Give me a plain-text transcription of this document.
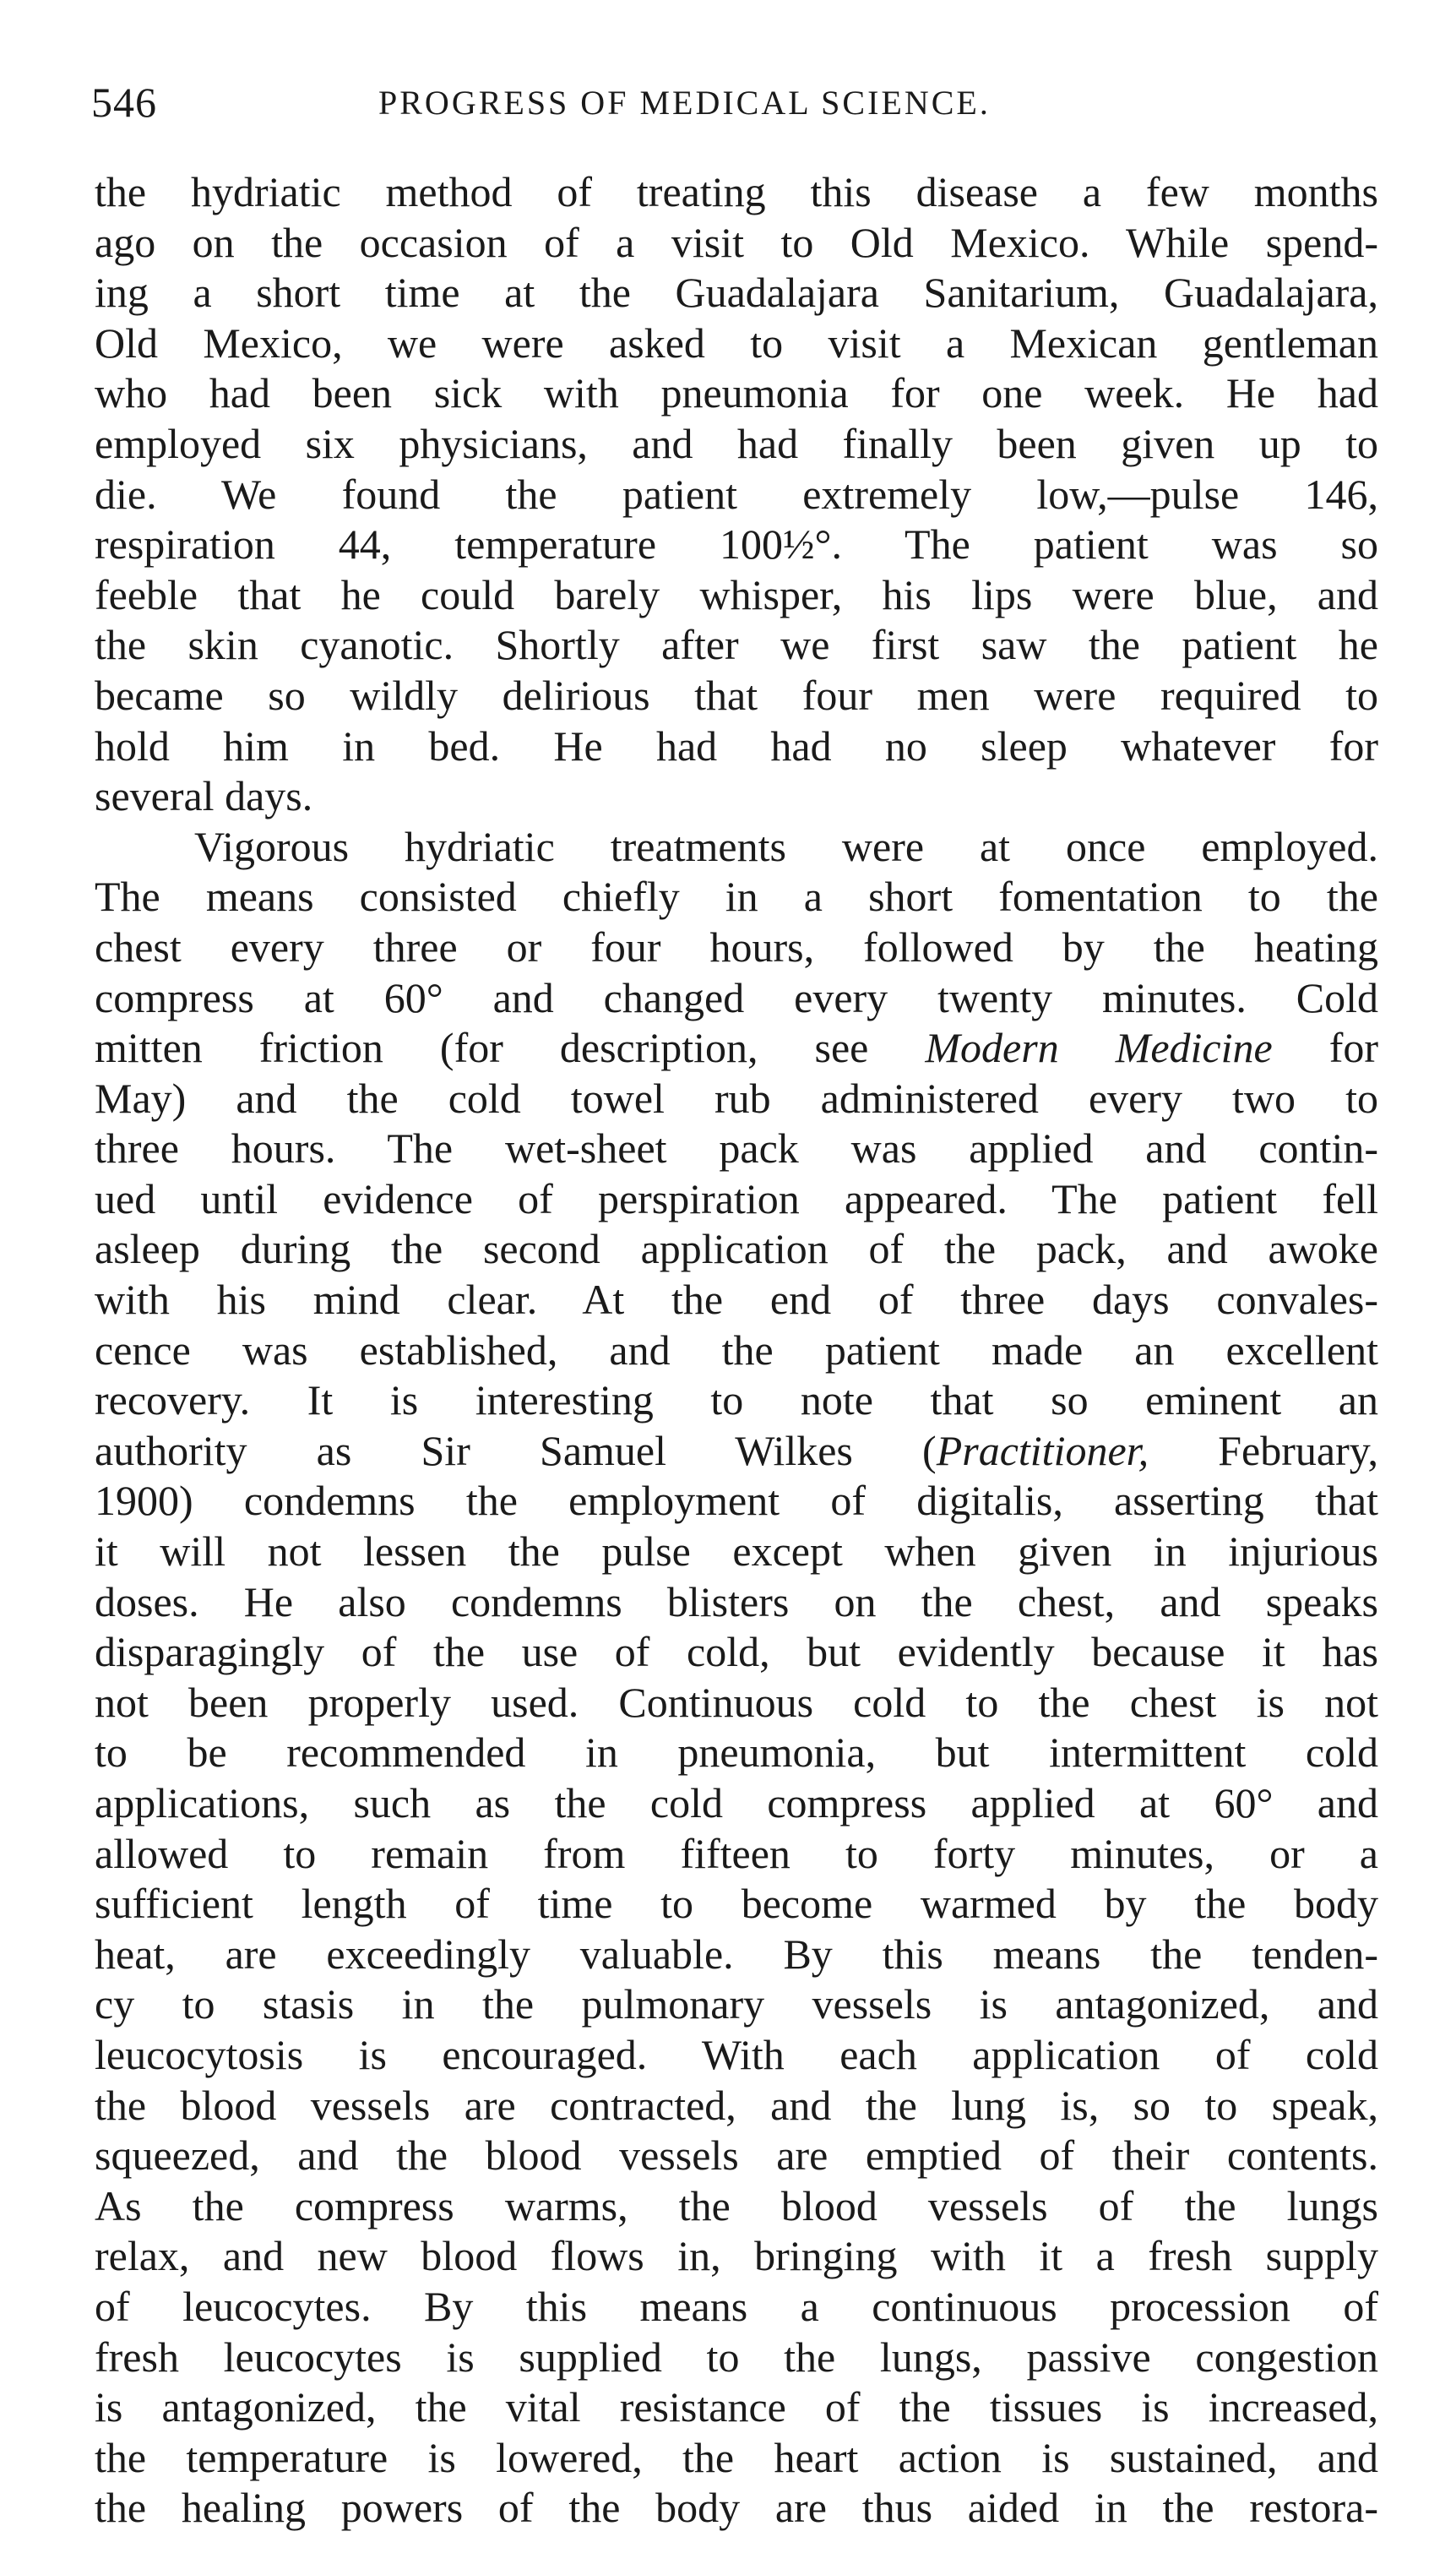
546	PROGRESS OF MEDICAL SCIENCE.
the hydriatic method of treating this disease a few months
ago on the occasion of a visit to Old Mexico. While spend-
ing a short time at the Guadalajara Sanitarium, Guadalajara,
Old Mexico, we were asked to visit a Mexican gentleman
who had been sick with pneumonia for one week. He had
employed six physicians, and had finally been given up to
die. We found the patient extremely low,—pulse 146,
respiration 44, temperature 100½°. The patient was so
feeble that he could barely whisper, his lips were blue, and
the skin cyanotic. Shortly after we first saw the patient he
became so wildly delirious that four men were required to
hold him in bed. He had had no sleep whatever for
several days.
Vigorous hydriatic treatments were at once employed.
The means consisted chiefly in a short fomentation to the
chest every three or four hours, followed by the heating
compress at 60° and changed every twenty minutes. Cold
mitten friction (for description, see Modern Medicine for
May) and the cold towel rub administered every two to
three hours. The wet-sheet pack was applied and contin-
ued until evidence of perspiration appeared. The patient fell
asleep during the second application of the pack, and awoke
with his mind clear. At the end of three days convales-
cence was established, and the patient made an excellent
recovery. It is interesting to note that so eminent an
authority as Sir Samuel Wilkes (Practitioner, February,
1900) condemns the employment of digitalis, asserting that
it will not lessen the pulse except when given in injurious
doses. He also condemns blisters on the chest, and speaks
disparagingly of the use of cold, but evidently because it has
not been properly used. Continuous cold to the chest is not
to be recommended in pneumonia, but intermittent cold
applications, such as the cold compress applied at 60° and
allowed to remain from fifteen to forty minutes, or a
sufficient length of time to become warmed by the body
heat, are exceedingly valuable. By this means the tenden-
cy to stasis in the pulmonary vessels is antagonized, and
leucocytosis is encouraged. With each application of cold
the blood vessels are contracted, and the lung is, so to speak,
squeezed, and the blood vessels are emptied of their contents.
As the compress warms, the blood vessels of the lungs
relax, and new blood flows in, bringing with it a fresh supply
of leucocytes. By this means a continuous procession of
fresh leucocytes is supplied to the lungs, passive congestion
is antagonized, the vital resistance of the tissues is increased,
the temperature is lowered, the heart action is sustained, and
the healing powers of the body are thus aided in the restora-
